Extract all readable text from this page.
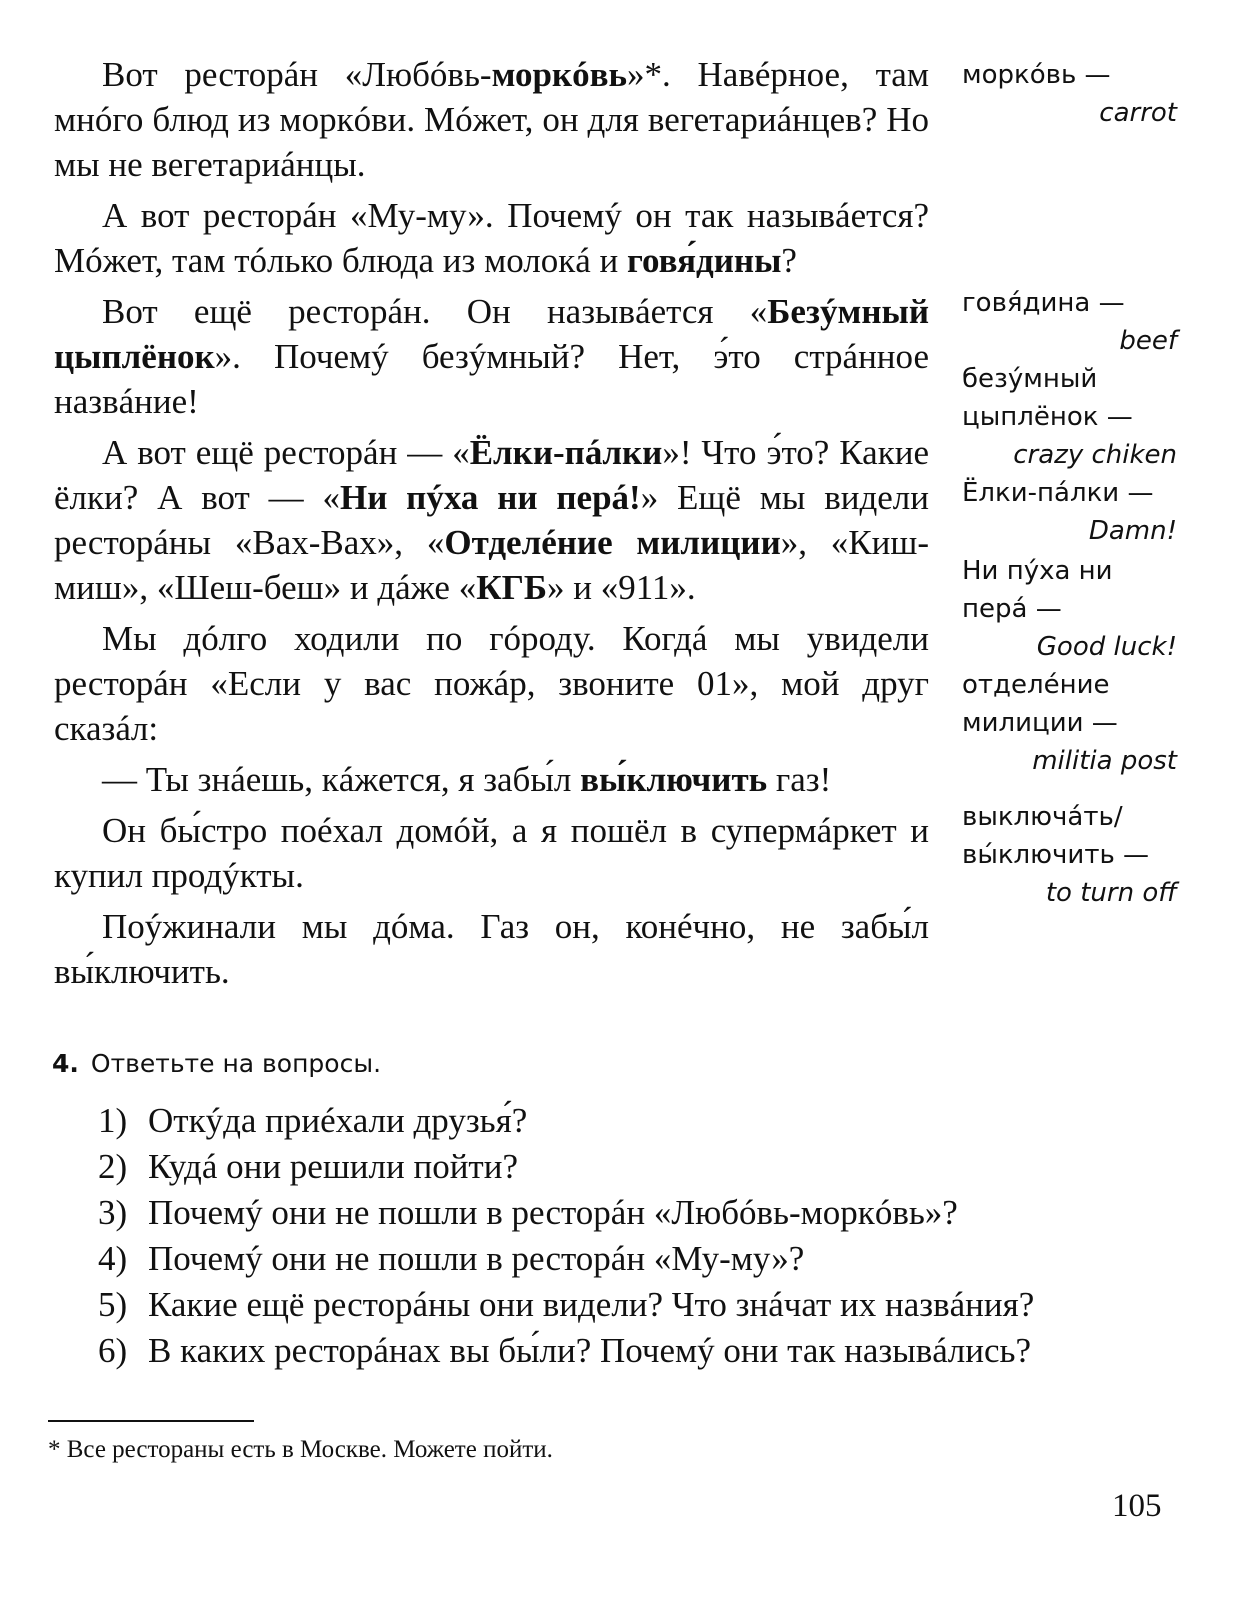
Вот ресторáн «Любóвь-моркóвь»*. Навéрное, там мнóго блюд из моркóви. Мóжет, он для вегетариáнцев? Но мы не вегетариáнцы.

А вот ресторáн «Му-му». Почемý он так назывáется? Мóжет, там тóлько блюда из молокá и говя́дины?

Вот ещё ресторáн. Он назывáется «Безýмный цыплёнок». Почемý безýмный? Нет, э́то стрáнное назвáние!

А вот ещё ресторáн — «Ёлки-пáлки»! Что э́то? Какие ёлки? А вот — «Ни пýха ни перá!» Ещё мы видели ресторáны «Вах-Вах», «Отделéние милиции», «Киш-миш», «Шеш-беш» и дáже «КГБ» и «911».

Мы дóлго ходили по гóроду. Когдá мы увидели ресторáн «Если у вас пожáр, звоните 01», мой друг сказáл:

— Ты знáешь, кáжется, я забы́л вы́ключить газ!

Он бы́стро поéхал домóй, а я пошёл в супермáркет и купил продýкты.

Поýжинали мы дóма. Газ он, конéчно, не забы́л вы́ключить.

моркóвь —
carrot
говя́дина —
beef
безýмный
цыплёнок —
crazy chiken
Ёлки-пáлки —
Damn!
Ни пýха ни
перá —
Good luck!
отделéние
милиции —
militia post
выключáть/
вы́ключить —
to turn off
4. Ответьте на вопросы.
1) Откýда приéхали друзья́?
2) Кудá они решили пойти?
3) Почемý они не пошли в ресторáн «Любóвь-моркóвь»?
4) Почемý они не пошли в ресторáн «Му-му»?
5) Какие ещё ресторáны они видели? Что знáчат их назвáния?
6) В каких ресторáнах вы бы́ли? Почемý они так назывáлись?
* Все рестораны есть в Москве. Можете пойти.
105
